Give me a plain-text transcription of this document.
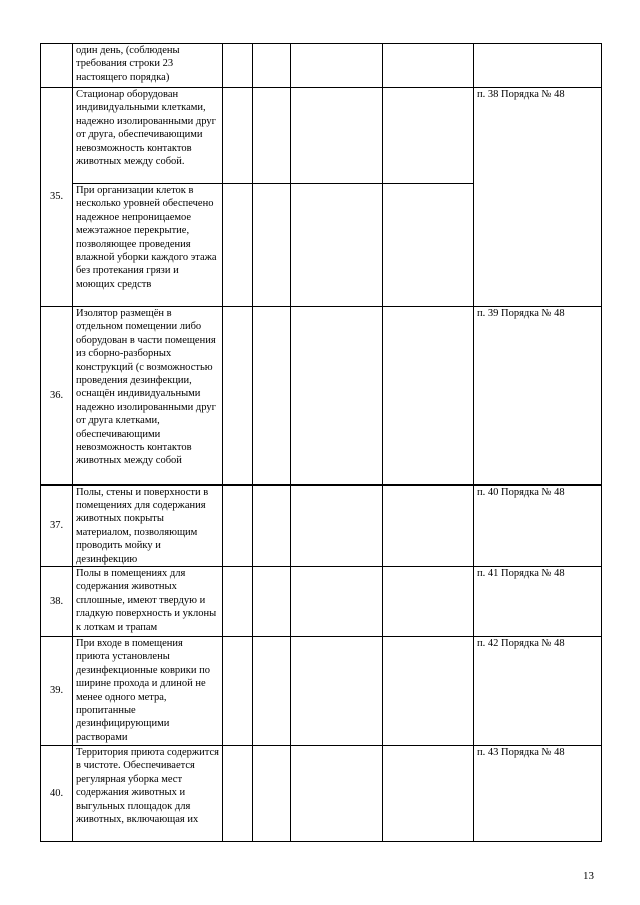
	один день, (соблюдены требования строки 23 настоящего порядка)					
35.	Стационар оборудован индивидуальными клетками, надежно изолированными друг от друга, обеспечивающими невозможность контактов животных между собой.					п. 38 Порядка № 48
	При организации клеток в несколько уровней обеспечено надежное непроницаемое межэтажное перекрытие, позволяющее проведения влажной уборки каждого этажа без протекания грязи и моющих средств					
36.	Изолятор размещён в отдельном помещении либо оборудован в части помещения из сборно-разборных конструкций (с возможностью проведения дезинфекции, оснащён индивидуальными надежно изолированными друг от друга клетками, обеспечивающими невозможность контактов животных между собой					п. 39 Порядка № 48
37.	Полы, стены и поверхности в помещениях для содержания животных покрыты материалом, позволяющим проводить мойку и дезинфекцию					п. 40 Порядка № 48
38.	Полы в помещениях для содержания животных сплошные, имеют твердую и гладкую поверхность и уклоны к лоткам и трапам					п. 41 Порядка № 48
39.	При входе в помещения приюта установлены дезинфекционные коврики по ширине прохода и длиной не менее одного метра, пропитанные дезинфицирующими растворами					п. 42 Порядка № 48
40.	Территория приюта содержится в чистоте. Обеспечивается регулярная уборка мест содержания животных и выгульных площадок для животных, включающая их					п. 43 Порядка № 48
13
